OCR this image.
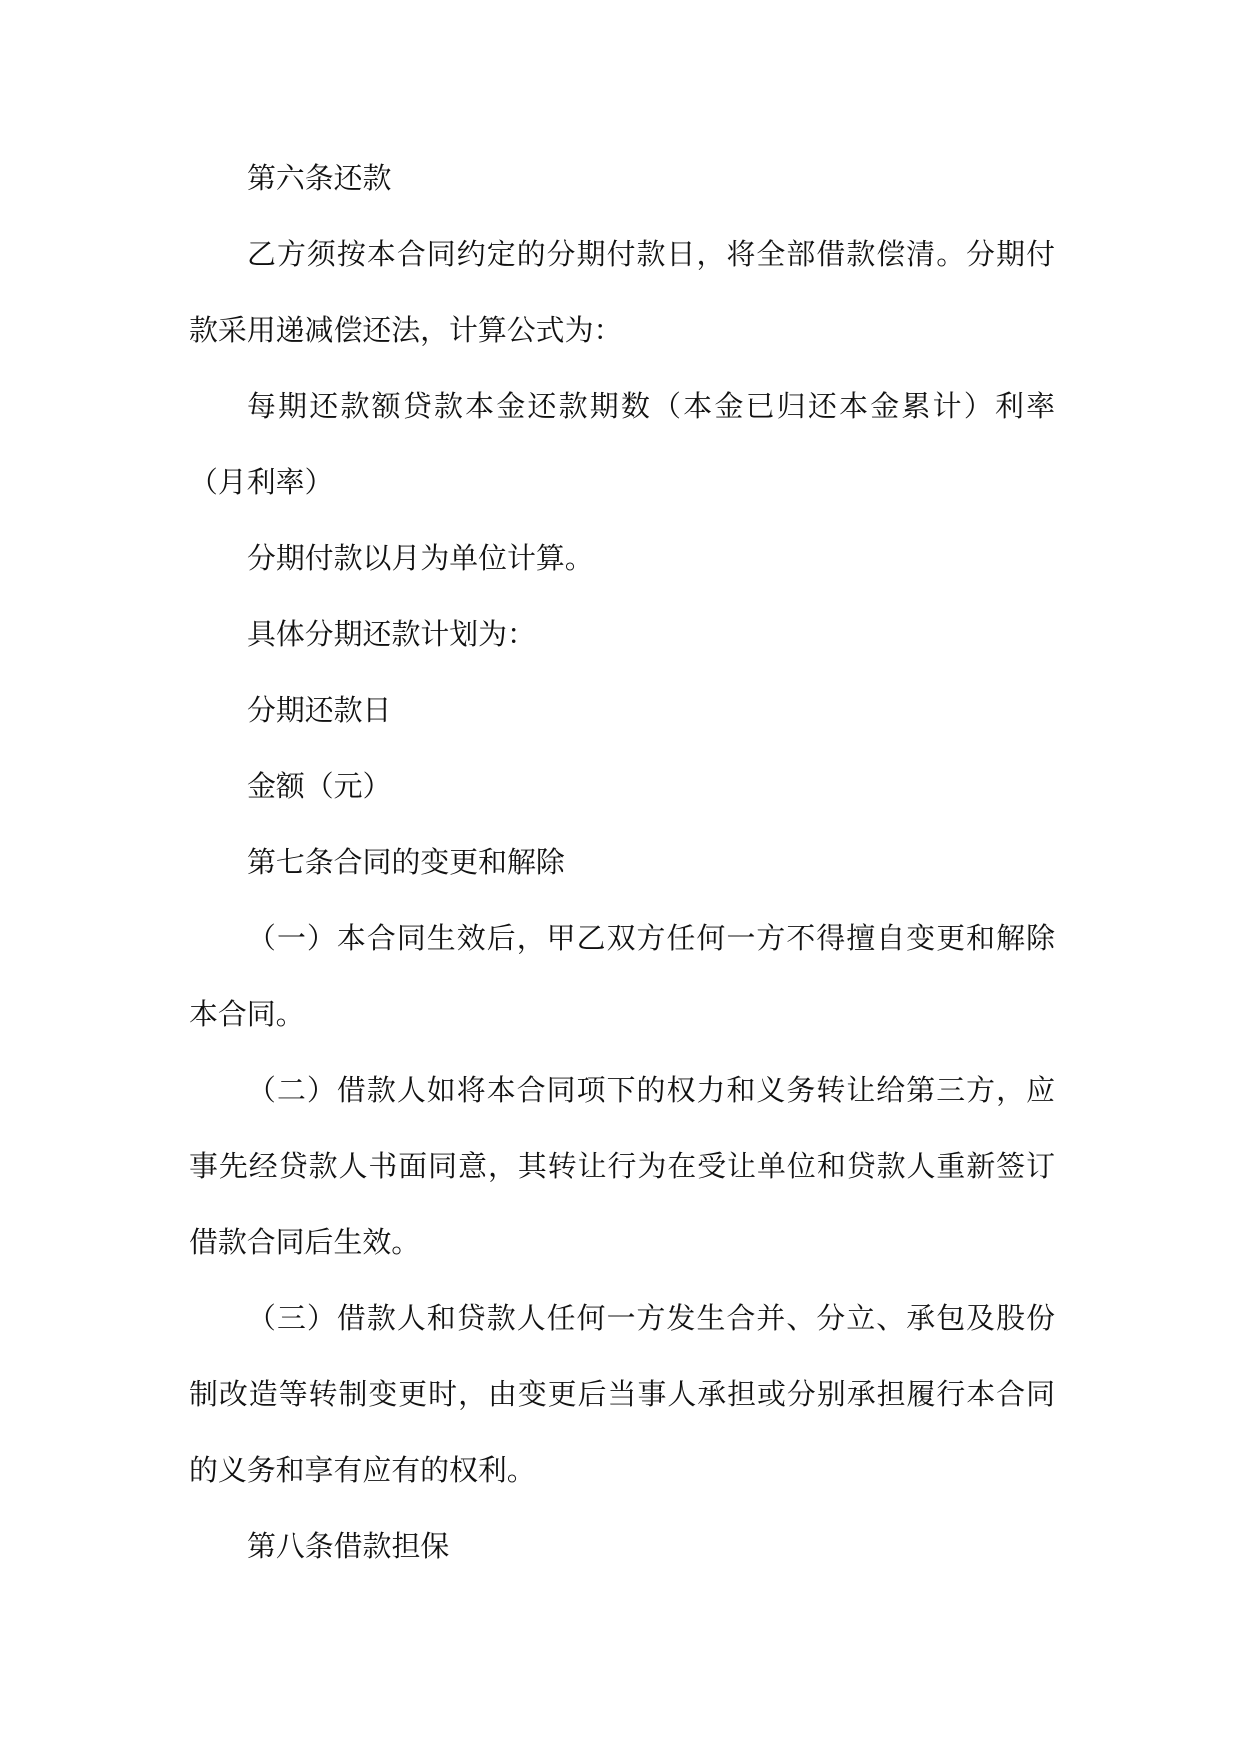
第六条还款

乙方须按本合同约定的分期付款日，将全部借款偿清。分期付款采用递减偿还法，计算公式为：

每期还款额贷款本金还款期数（本金已归还本金累计）利率（月利率）

分期付款以月为单位计算。

具体分期还款计划为：

分期还款日

金额（元）

第七条合同的变更和解除

（一）本合同生效后，甲乙双方任何一方不得擅自变更和解除本合同。

（二）借款人如将本合同项下的权力和义务转让给第三方，应事先经贷款人书面同意，其转让行为在受让单位和贷款人重新签订借款合同后生效。

（三）借款人和贷款人任何一方发生合并、分立、承包及股份制改造等转制变更时，由变更后当事人承担或分别承担履行本合同的义务和享有应有的权利。

第八条借款担保
